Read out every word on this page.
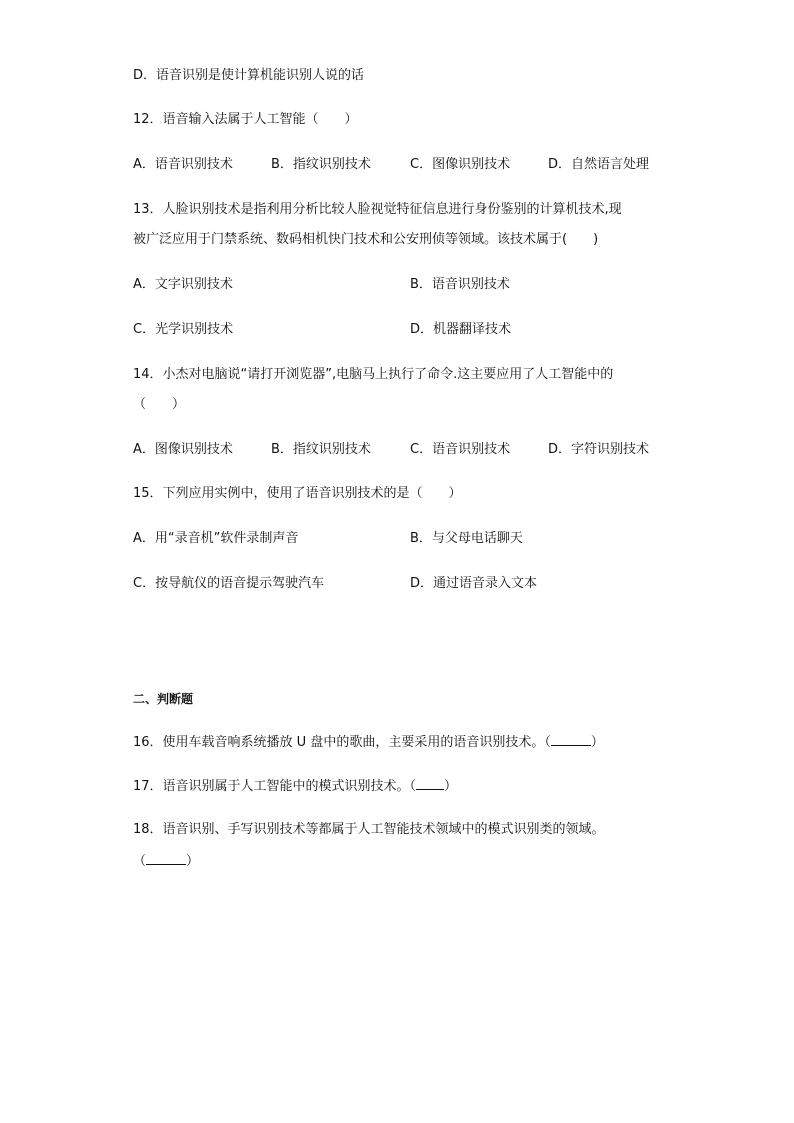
D．语音识别是使计算机能识别人说的话
12．语音输入法属于人工智能（　　）
A．语音识别技术	B．指纹识别技术	C．图像识别技术	D．自然语言处理
13．人脸识别技术是指利用分析比较人脸视觉特征信息进行身份鉴别的计算机技术,现
被广泛应用于门禁系统、数码相机快门技术和公安刑侦等领域。该技术属于(　　)
A．文字识别技术	B．语音识别技术
C．光学识别技术	D．机器翻译技术
14．小杰对电脑说“请打开浏览器”,电脑马上执行了命令.这主要应用了人工智能中的
（　　）
A．图像识别技术	B．指纹识别技术	C．语音识别技术	D．字符识别技术
15．下列应用实例中，使用了语音识别技术的是（　　）
A．用“录音机”软件录制声音	B．与父母电话聊天
C．按导航仪的语音提示驾驶汽车	D．通过语音录入文本
二、判断题
16．使用车载音响系统播放 U 盘中的歌曲，主要采用的语音识别技术。（	）
17．语音识别属于人工智能中的模式识别技术。（ ）
18．语音识别、手写识别技术等都属于人工智能技术领域中的模式识别类的领域。
（	）
